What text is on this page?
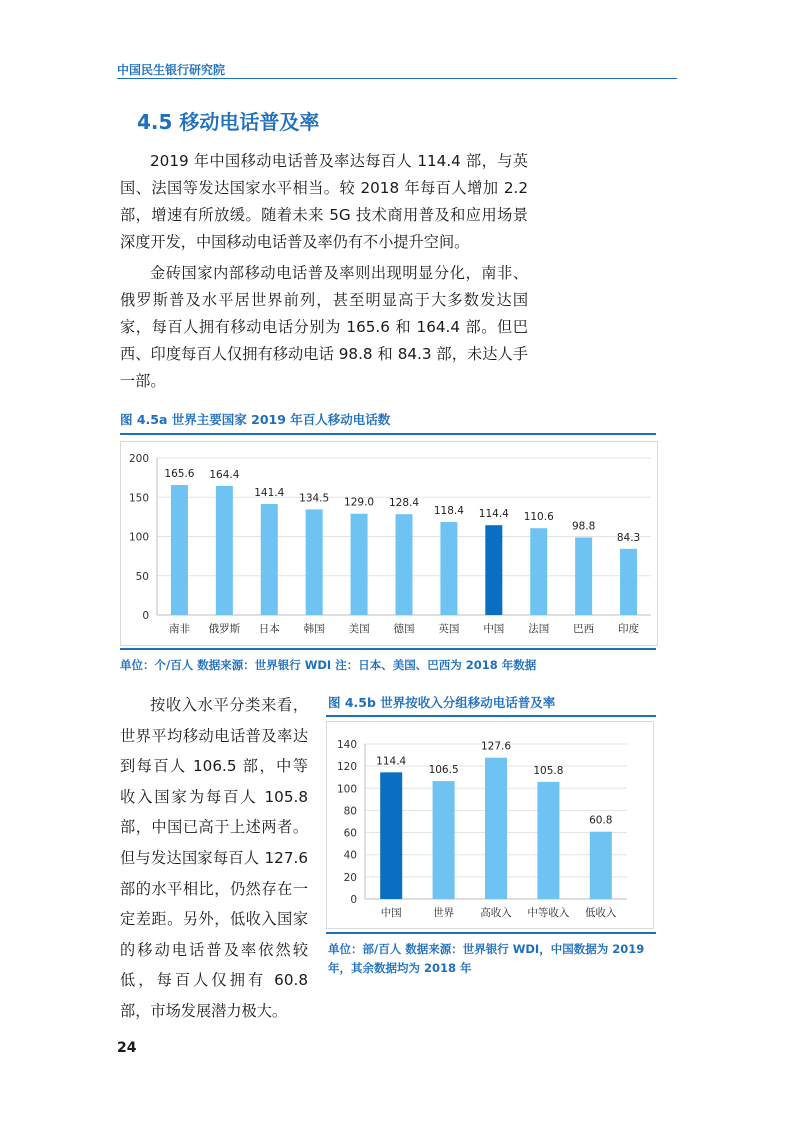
中国民生银行研究院
4.5 移动电话普及率

2019 年中国移动电话普及率达每百人 114.4 部，与英国、法国等发达国家水平相当。较 2018 年每百人增加 2.2 部，增速有所放缓。随着未来 5G 技术商用普及和应用场景深度开发，中国移动电话普及率仍有不小提升空间。

金砖国家内部移动电话普及率则出现明显分化，南非、俄罗斯普及水平居世界前列，甚至明显高于大多数发达国家，每百人拥有移动电话分别为 165.6 和 164.4 部。但巴西、印度每百人仅拥有移动电话 98.8 和 84.3 部，未达人手一部。

图 4.5a 世界主要国家 2019 年百人移动电话数
0
50
100
150
200
165.6
南非
164.4
俄罗斯
141.4
日本
134.5
韩国
129.0
美国
128.4
德国
118.4
英国
114.4
中国
110.6
法国
98.8
巴西
84.3
印度

单位：个/百人 数据来源：世界银行 WDI 注：日本、美国、巴西为 2018 年数据

按收入水平分类来看，世界平均移动电话普及率达到每百人 106.5 部，中等收入国家为每百人 105.8 部，中国已高于上述两者。但与发达国家每百人 127.6 部的水平相比，仍然存在一定差距。另外，低收入国家的移动电话普及率依然较低，每百人仅拥有 60.8 部，市场发展潜力极大。

图 4.5b 世界按收入分组移动电话普及率
0
20
40
60
80
100
120
140
114.4
中国
106.5
世界
127.6
高收入
105.8
中等收入
60.8
低收入

单位：部/百人 数据来源：世界银行 WDI，中国数据为 2019 年，其余数据均为 2018 年

24
